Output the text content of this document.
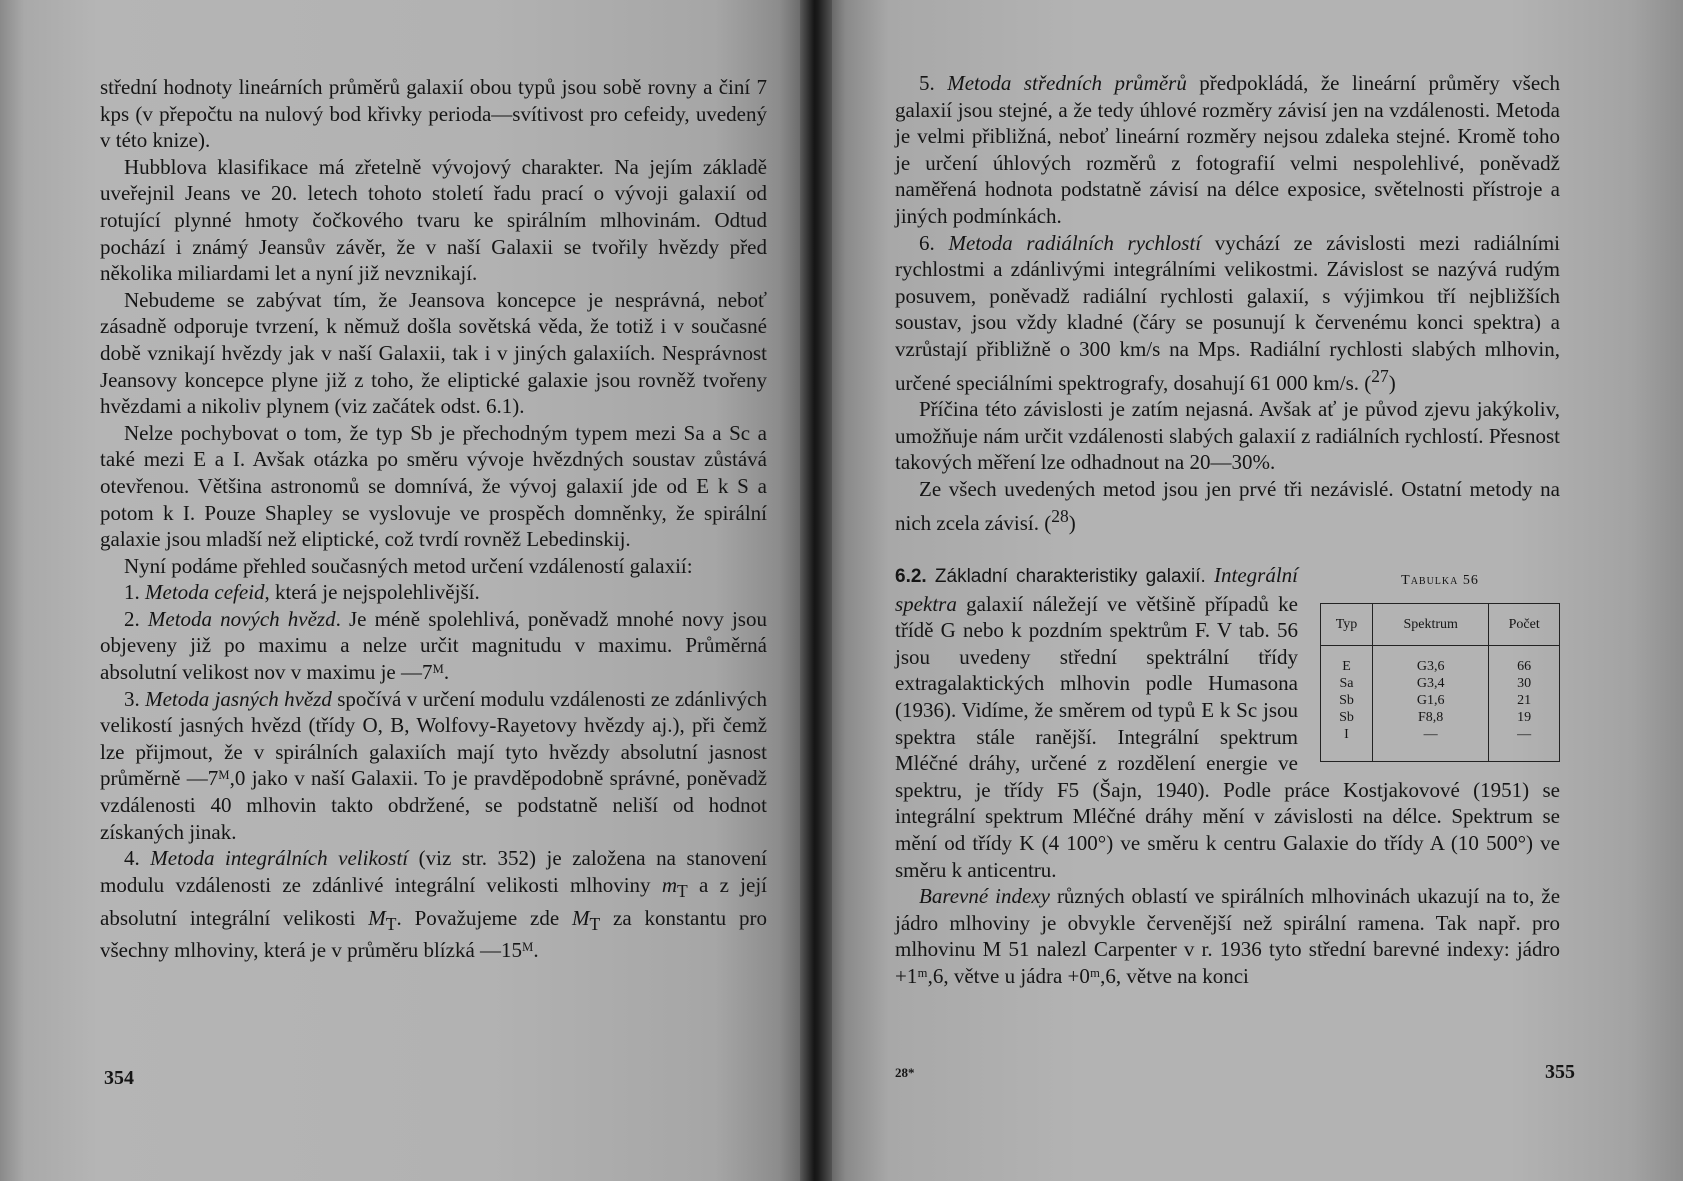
střední hodnoty lineárních průměrů galaxií obou typů jsou sobě rovny a činí 7 kps (v přepočtu na nulový bod křivky perioda—svítivost pro cefeidy, uvedený v této knize).

Hubblova klasifikace má zřetelně vývojový charakter. Na jejím základě uveřejnil Jeans ve 20. letech tohoto století řadu prací o vývoji galaxií od rotující plynné hmoty čočkového tvaru ke spirálním mlhovinám. Odtud pochází i známý Jeansův závěr, že v naší Galaxii se tvořily hvězdy před několika miliardami let a nyní již nevznikají.

Nebudeme se zabývat tím, že Jeansova koncepce je nesprávná, neboť zásadně odporuje tvrzení, k němuž došla sovětská věda, že totiž i v současné době vznikají hvězdy jak v naší Galaxii, tak i v jiných galaxiích. Nesprávnost Jeansovy koncepce plyne již z toho, že eliptické galaxie jsou rovněž tvořeny hvězdami a nikoliv plynem (viz začátek odst. 6.1).

Nelze pochybovat o tom, že typ Sb je přechodným typem mezi Sa a Sc a také mezi E a I. Avšak otázka po směru vývoje hvězdných soustav zůstává otevřenou. Většina astronomů se domnívá, že vývoj galaxií jde od E k S a potom k I. Pouze Shapley se vyslovuje ve prospěch domněnky, že spirální galaxie jsou mladší než eliptické, což tvrdí rovněž Lebedinskij.

Nyní podáme přehled současných metod určení vzdáleností galaxií:

1. Metoda cefeid, která je nejspolehlivější.

2. Metoda nových hvězd. Je méně spolehlivá, poněvadž mnohé novy jsou objeveny již po maximu a nelze určit magnitudu v maximu. Průměrná absolutní velikost nov v maximu je —7ᴹ.

3. Metoda jasných hvězd spočívá v určení modulu vzdálenosti ze zdánlivých velikostí jasných hvězd (třídy O, B, Wolfovy-Rayetovy hvězdy aj.), při čemž lze přijmout, že v spirálních galaxiích mají tyto hvězdy absolutní jasnost průměrně —7ᴹ,0 jako v naší Galaxii. To je pravděpodobně správné, poněvadž vzdálenosti 40 mlhovin takto obdržené, se podstatně neliší od hodnot získaných jinak.

4. Metoda integrálních velikostí (viz str. 352) je založena na stanovení modulu vzdálenosti ze zdánlivé integrální velikosti mlhoviny $m_T$ a z její absolutní integrální velikosti $M_T$. Považujeme zde $M_T$ za konstantu pro všechny mlhoviny, která je v průměru blízká —15ᴹ.

354

5. Metoda středních průměrů předpokládá, že lineární průměry všech galaxií jsou stejné, a že tedy úhlové rozměry závisí jen na vzdálenosti. Metoda je velmi přibližná, neboť lineární rozměry nejsou zdaleka stejné. Kromě toho je určení úhlových rozměrů z fotografií velmi nespolehlivé, poněvadž naměřená hodnota podstatně závisí na délce exposice, světelnosti přístroje a jiných podmínkách.

6. Metoda radiálních rychlostí vychází ze závislosti mezi radiálními rychlostmi a zdánlivými integrálními velikostmi. Závislost se nazývá rudým posuvem, poněvadž radiální rychlosti galaxií, s výjimkou tří nejbližších soustav, jsou vždy kladné (čáry se posunují k červenému konci spektra) a vzrůstají přibližně o 300 km/s na Mps. Radiální rychlosti slabých mlhovin, určené speciálními spektrografy, dosahují 61 000 km/s. ($^{27}$)

Příčina této závislosti je zatím nejasná. Avšak ať je původ zjevu jakýkoliv, umožňuje nám určit vzdálenosti slabých galaxií z radiálních rychlostí. Přesnost takových měření lze odhadnout na 20—30%.

Ze všech uvedených metod jsou jen prvé tři nezávislé. Ostatní metody na nich zcela závisí. ($^{28}$)

6.2. Základní charakteristiky galaxií.	Tabulka 56
Typ	Spektrum	Počet
E	G3,6	66
Sa	G3,4	30
Sb	G1,6	21
Sb	F8,8	19
I	—	—
Integrální spektra galaxií náležejí ve většině případů ke třídě G nebo k pozdním spektrům F. V tab. 56 jsou uvedeny střední spektrální třídy extragalaktických mlhovin podle Humasona (1936). Vidíme, že směrem od typů E k Sc jsou spektra stále ranější. Integrální spektrum Mléčné dráhy, určené z rozdělení energie ve spektru, je třídy F5 (Šajn, 1940). Podle práce Kostjakovové (1951) se integrální spektrum Mléčné dráhy mění v závislosti na délce. Spektrum se mění od třídy K (4 100°) ve směru k centru Galaxie do třídy A (10 500°) ve směru k anticentru.

Barevné indexy různých oblastí ve spirálních mlhovinách ukazují na to, že jádro mlhoviny je obvykle červenější než spirální ramena. Tak např. pro mlhovinu M 51 nalezl Carpenter v r. 1936 tyto střední barevné indexy: jádro +1ᵐ,6, větve u jádra +0ᵐ,6, větve na konci

28*	355
